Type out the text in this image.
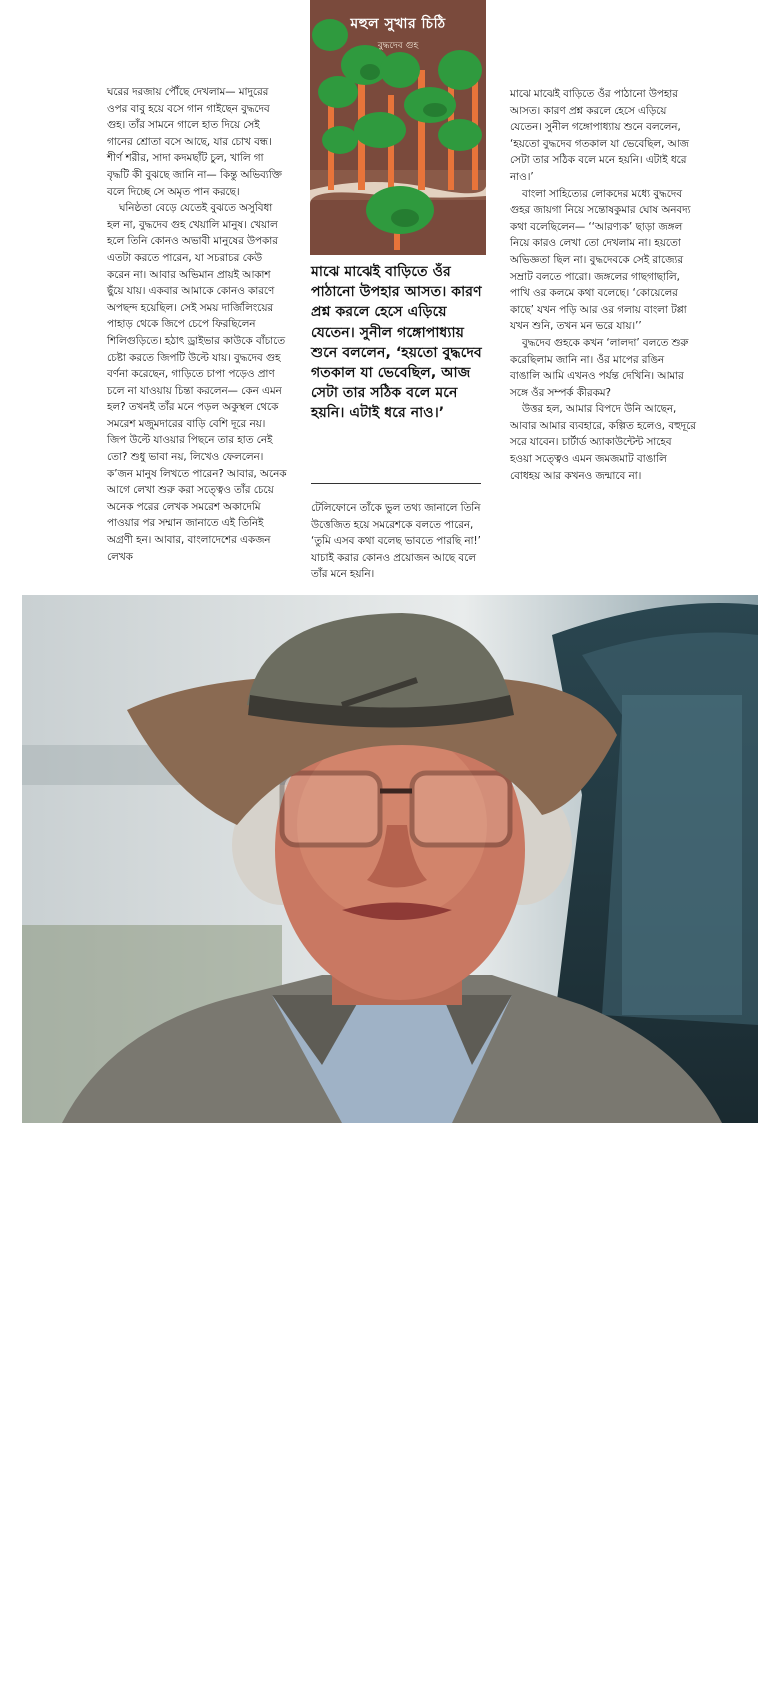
মহুল সুখার চিঠি
বুদ্ধদেব গুহ

ঘরের দরজায় পৌঁছে দেখলাম— মাদুরের ওপর বাবু হয়ে বসে গান গাইছেন বুদ্ধদেব গুহ। তাঁর সামনে গালে হাত দিয়ে সেই গানের শ্রোতা বসে আছে, যার চোখ বন্ধ। শীর্ণ শরীর, সাদা কদমছাঁট চুল, খালি গা বৃদ্ধটি কী বুঝছে জানি না— কিন্তু অভিব্যক্তি বলে দিচ্ছে সে অমৃত পান করছে।

ঘনিষ্ঠতা বেড়ে যেতেই বুঝতে অসুবিধা হল না, বুদ্ধদেব গুহ খেয়ালি মানুষ। খেয়াল হলে তিনি কোনও অভাবী মানুষের উপকার এতটা করতে পারেন, যা সচরাচর কেউ করেন না। আবার অভিমান প্রায়ই আকাশ ছুঁয়ে যায়। একবার আমাকে কোনও কারণে অপছন্দ হয়েছিল। সেই সময় দার্জিলিংয়ের পাহাড় থেকে জিপে চেপে ফিরছিলেন শিলিগুড়িতে। হঠাৎ ড্রাইভার কাউকে বাঁচাতে চেষ্টা করতে জিপটি উল্টে যায়। বুদ্ধদেব গুহ বর্ণনা করেছেন, গাড়িতে চাপা পড়েও প্রাণ চলে না যাওয়ায় চিন্তা করলেন— কেন এমন হল? তখনই তাঁর মনে পড়ল অকুস্থল থেকে সমরেশ মজুমদারের বাড়ি বেশি দূরে নয়। জিপ উল্টে যাওয়ার পিছনে তার হাত নেই তো? শুধু ভাবা নয়, লিখেও ফেললেন। ক’জন মানুষ লিখতে পারেন? আবার, অনেক আগে লেখা শুরু করা সত্ত্বেও তাঁর চেয়ে অনেক পরের লেখক সমরেশ অকাদেমি পাওয়ার পর সম্মান জানাতে এই তিনিই অগ্রণী হন। আবার, বাংলাদেশের একজন লেখক

মাঝে মাঝেই বাড়িতে ওঁর পাঠানো উপহার আসত। কারণ প্রশ্ন করলে হেসে এড়িয়ে যেতেন। সুনীল গঙ্গোপাধ্যায় শুনে বললেন, ‘হয়তো বুদ্ধদেব গতকাল যা ভেবেছিল, আজ সেটা তার সঠিক বলে মনে হয়নি। এটাই ধরে নাও।’

টেলিফোনে তাঁকে ভুল তথ্য জানালে তিনি উত্তেজিত হয়ে সমরেশকে বলতে পারেন, ‘তুমি এসব কথা বলেছ ভাবতে পারছি না!’ যাচাই করার কোনও প্রয়োজন আছে বলে তাঁর মনে হয়নি।

মাঝে মাঝেই বাড়িতে ওঁর পাঠানো উপহার আসত। কারণ প্রশ্ন করলে হেসে এড়িয়ে যেতেন। সুনীল গঙ্গোপাধ্যায় শুনে বললেন, ‘হয়তো বুদ্ধদেব গতকাল যা ভেবেছিল, আজ সেটা তার সঠিক বলে মনে হয়নি। এটাই ধরে নাও।’

বাংলা সাহিত্যের লোকদের মধ্যে বুদ্ধদেব গুহর জায়গা নিয়ে সন্তোষকুমার ঘোষ অনবদ্য কথা বলেছিলেন— ‘‘আরণ্যক’ ছাড়া জঙ্গল নিয়ে কারও লেখা তো দেখলাম না। হয়তো অভিজ্ঞতা ছিল না। বুদ্ধদেবকে সেই রাজ্যের সম্রাট বলতে পারো। জঙ্গলের গাছগাছালি, পাখি ওর কলমে কথা বলেছে। ‘কোয়েলের কাছে’ যখন পড়ি আর ওর গলায় বাংলা টপ্পা যখন শুনি, তখন মন ভরে যায়।’’

বুদ্ধদেব গুহকে কখন ‘লালদা’ বলতে শুরু করেছিলাম জানি না। ওঁর মাপের রঙিন বাঙালি আমি এখনও পর্যন্ত দেখিনি। আমার সঙ্গে ওঁর সম্পর্ক কীরকম?

উত্তর হল, আমার বিপদে উনি আছেন, আবার আমার ব্যবহারে, কল্পিত হলেও, বহুদূরে সরে যাবেন। চার্টার্ড অ্যাকাউন্টেন্ট সাহেব হওয়া সত্ত্বেও এমন জমজমাট বাঙালি বোধহয় আর কখনও জন্মাবে না।

রোববার ১৯
